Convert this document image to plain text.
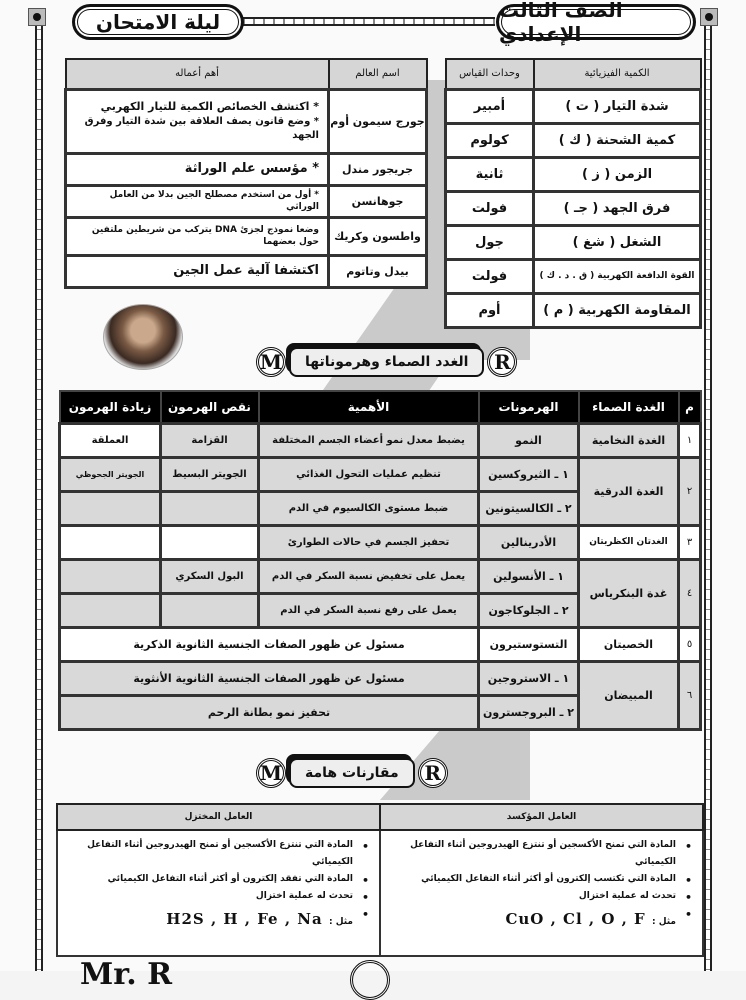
الصف الثالث الإعدادي
ليلة الامتحان
الكمية الفيزيائية	وحدات القياس
شدة التيار ( ت )	أمبير
كمية الشحنة ( ك )	كولوم
الزمن ( ز )	ثانية
فرق الجهد ( جـ )	فولت
الشغل ( شغ )	جول
القوة الدافعة الكهربية ( ق . د . ك )	فولت
المقاومة الكهربية ( م )	أوم
اسم العالم	أهم أعماله
جورج سيمون أوم	* اكتشف الخصائص الكمية للتيار الكهربي
* وضع قانون يصف العلاقة بين شدة التيار وفرق الجهد

جريجور مندل	* مؤسس علم الوراثة
جوهانسن	* أول من استخدم مصطلح الجين بدلا من العامل الوراثي
واطسون وكريك	وضعا نموذج لجزئ DNA يتركب من شريطين ملتفين
حول بعضهما

بيدل وتاتوم	اكتشفا آلية عمل الجين
M	الغدد الصماء وهرموناتها	R
م	الغدة الصماء	الهرمونات	الأهمية	نقص الهرمون	زيادة الهرمون
١	الغدة النخامية	النمو	يضبط معدل نمو أعضاء الجسم المختلفة	القزامة	العملقة
٢	الغدة الدرقية	١ ـ الثيروكسين	تنظيم عمليات التحول الغذائي	الجويتر البسيط	الجويتر الجحوظي
		٢ ـ الكالسيتونين	ضبط مستوى الكالسيوم في الدم		
٣	الغدتان الكظريتان	الأدرينالين	تحفيز الجسم في حالات الطوارئ		
٤	غدة البنكرياس	١ ـ الأنسولين	يعمل على تخفيض نسبة السكر في الدم	البول السكري	
		٢ ـ الجلوكاجون	يعمل على رفع نسبة السكر في الدم		
٥	الخصيتان	التستوستيرون	مسئول عن ظهور الصفات الجنسية الثانوية الذكرية		
٦	المبيضان	١ ـ الاستروجين	مسئول عن ظهور الصفات الجنسية الثانوية الأنثوية		
		٢ ـ البروجسترون	تحفيز نمو بطانة الرحم		
M	مقارنات هامة	R
العامل المؤكسد	العامل المختزل

• المادة التي تمنح الأكسجين أو تنتزع الهيدروجين أثناء التفاعل الكيميائي
• المادة التي تكتسب إلكترون أو أكثر أثناء التفاعل الكيميائي
• تحدث له عملية اختزال
• مثل :  CuO , Cl , O , F

• المادة التي تنتزع الأكسجين أو تمنح الهيدروجين أثناء التفاعل الكيميائي
• المادة التي تفقد إلكترون أو أكثر أثناء التفاعل الكيميائي
• تحدث له عملية اختزال
• مثل :  H2S , H , Fe , Na
Mr. R
